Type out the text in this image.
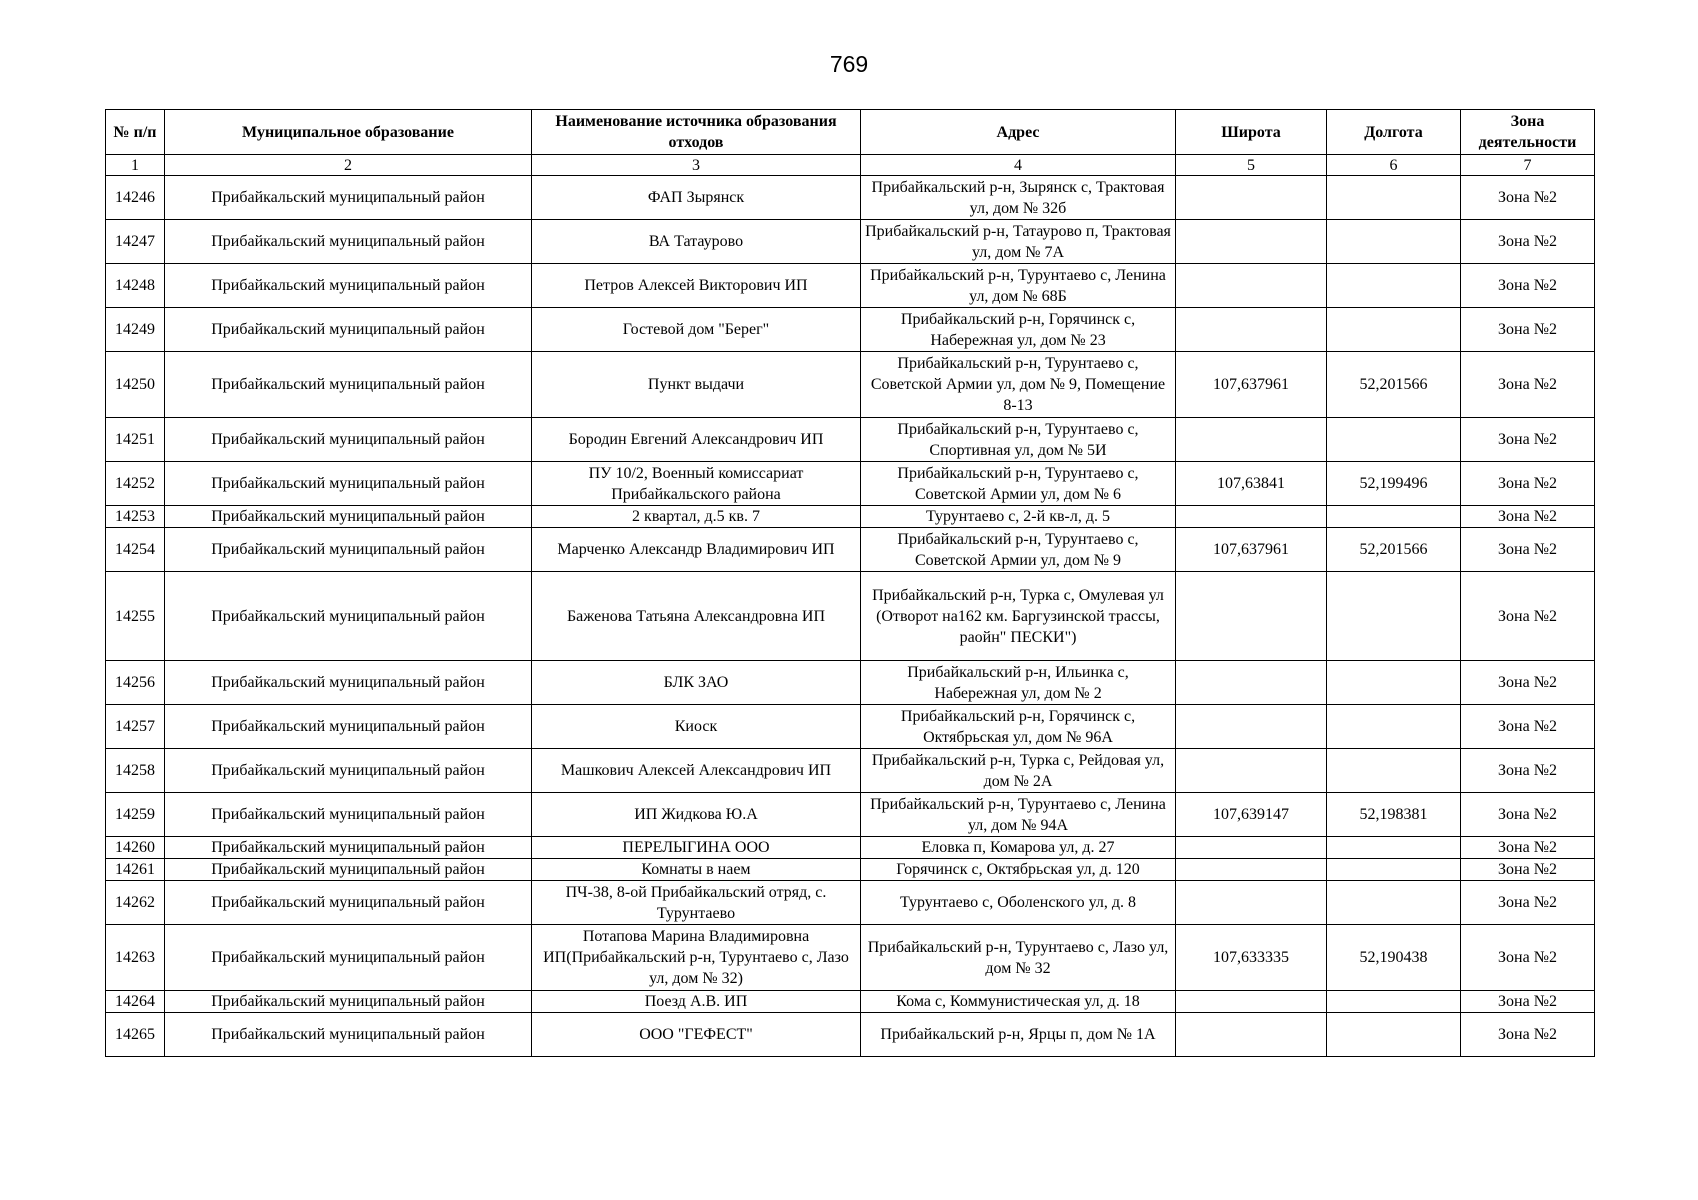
769
№ п/п	Муниципальное образование	Наименование источника образования отходов	Адрес	Широта	Долгота	Зона деятельности
1	2	3	4	5	6	7
14246	Прибайкальский муниципальный район	ФАП Зырянск	Прибайкальский р-н, Зырянск с, Трактовая ул, дом № 32б			Зона №2
14247	Прибайкальский муниципальный район	ВА Татаурово	Прибайкальский р-н, Татаурово п, Трактовая ул, дом № 7А			Зона №2
14248	Прибайкальский муниципальный район	Петров Алексей Викторович ИП	Прибайкальский р-н, Турунтаево с, Ленина ул, дом № 68Б			Зона №2
14249	Прибайкальский муниципальный район	Гостевой дом "Берег"	Прибайкальский р-н, Горячинск с, Набережная ул, дом № 23			Зона №2
14250	Прибайкальский муниципальный район	Пункт выдачи	Прибайкальский р-н, Турунтаево с, Советской Армии ул, дом № 9, Помещение 8-13	107,637961	52,201566	Зона №2
14251	Прибайкальский муниципальный район	Бородин Евгений Александрович ИП	Прибайкальский р-н, Турунтаево с, Спортивная ул, дом № 5И			Зона №2
14252	Прибайкальский муниципальный район	ПУ 10/2, Военный комиссариат Прибайкальского района	Прибайкальский р-н, Турунтаево с, Советской Армии ул, дом № 6	107,63841	52,199496	Зона №2
14253	Прибайкальский муниципальный район	2 квартал, д.5 кв. 7	Турунтаево с, 2-й кв-л, д. 5			Зона №2
14254	Прибайкальский муниципальный район	Марченко Александр Владимирович ИП	Прибайкальский р-н, Турунтаево с, Советской Армии ул, дом № 9	107,637961	52,201566	Зона №2
14255	Прибайкальский муниципальный район	Баженова Татьяна Александровна ИП	Прибайкальский р-н, Турка с, Омулевая ул (Отворот на162 км. Баргузинской трассы, раойн" ПЕСКИ")			Зона №2
14256	Прибайкальский муниципальный район	БЛК ЗАО	Прибайкальский р-н, Ильинка с, Набережная ул, дом № 2			Зона №2
14257	Прибайкальский муниципальный район	Киоск	Прибайкальский р-н, Горячинск с, Октябрьская ул, дом № 96А			Зона №2
14258	Прибайкальский муниципальный район	Машкович Алексей Александрович ИП	Прибайкальский р-н, Турка с, Рейдовая ул, дом № 2А			Зона №2
14259	Прибайкальский муниципальный район	ИП Жидкова Ю.А	Прибайкальский р-н, Турунтаево с, Ленина ул, дом № 94А	107,639147	52,198381	Зона №2
14260	Прибайкальский муниципальный район	ПЕРЕЛЫГИНА ООО	Еловка п, Комарова ул, д. 27			Зона №2
14261	Прибайкальский муниципальный район	Комнаты в наем	Горячинск с, Октябрьская ул, д. 120			Зона №2
14262	Прибайкальский муниципальный район	ПЧ-38, 8-ой Прибайкальский отряд, с. Турунтаево	Турунтаево с, Оболенского ул, д. 8			Зона №2
14263	Прибайкальский муниципальный район	Потапова Марина Владимировна ИП(Прибайкальский р-н, Турунтаево с, Лазо ул, дом № 32)	Прибайкальский р-н, Турунтаево с, Лазо ул, дом № 32	107,633335	52,190438	Зона №2
14264	Прибайкальский муниципальный район	Поезд А.В. ИП	Кома с, Коммунистическая ул, д. 18			Зона №2
14265	Прибайкальский муниципальный район	ООО "ГЕФЕСТ"	Прибайкальский р-н, Ярцы п, дом № 1А			Зона №2
